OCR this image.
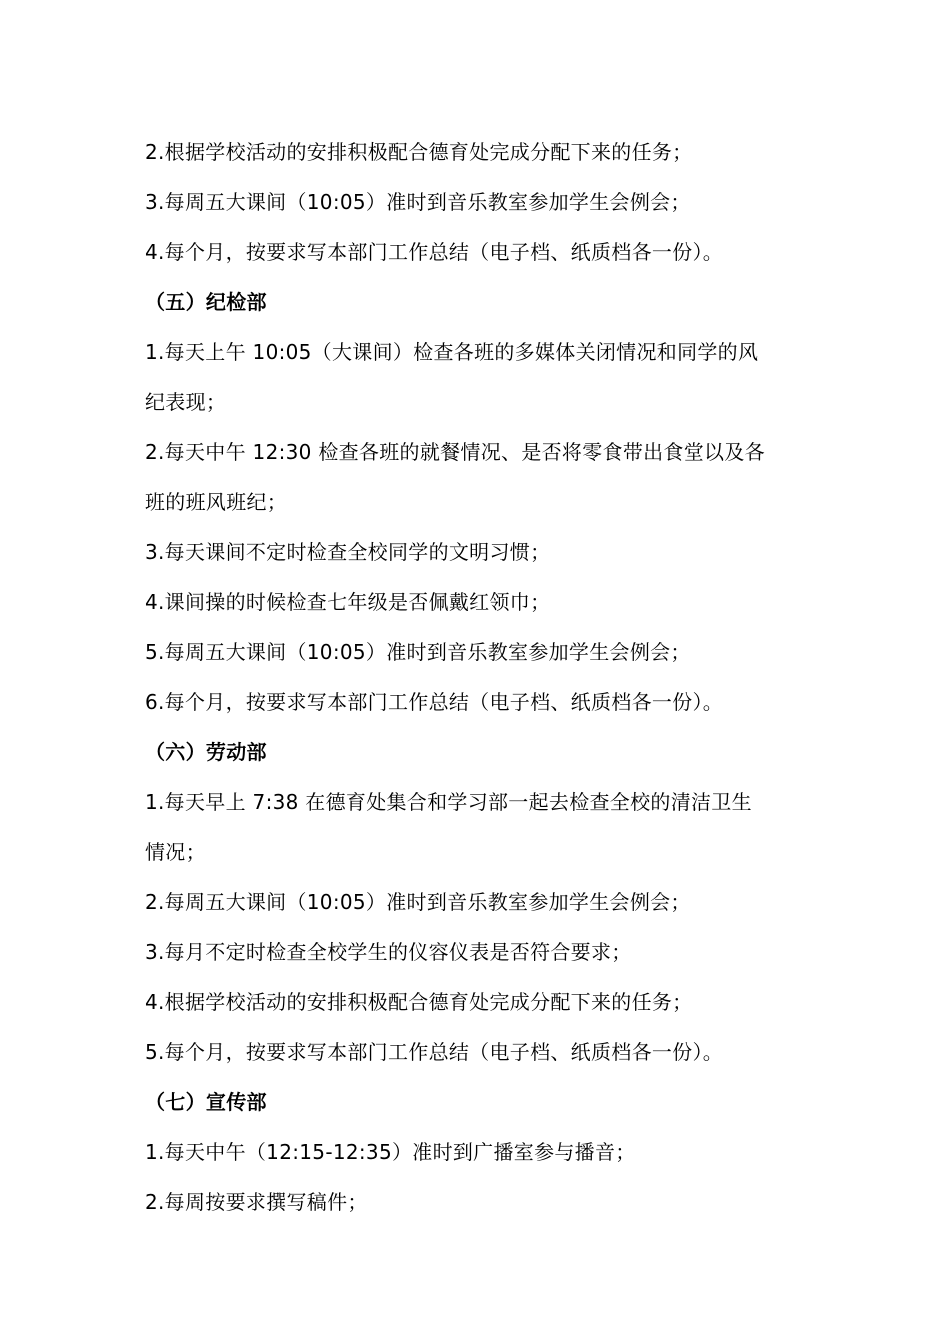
2.根据学校活动的安排积极配合德育处完成分配下来的任务；
3.每周五大课间（10:05）准时到音乐教室参加学生会例会；
4.每个月，按要求写本部门工作总结（电子档、纸质档各一份）。
（五）纪检部
1.每天上午 10:05（大课间）检查各班的多媒体关闭情况和同学的风
纪表现；
2.每天中午 12:30 检查各班的就餐情况、是否将零食带出食堂以及各
班的班风班纪；
3.每天课间不定时检查全校同学的文明习惯；
4.课间操的时候检查七年级是否佩戴红领巾；
5.每周五大课间（10:05）准时到音乐教室参加学生会例会；
6.每个月，按要求写本部门工作总结（电子档、纸质档各一份）。
（六）劳动部
1.每天早上 7:38 在德育处集合和学习部一起去检查全校的清洁卫生
情况；
2.每周五大课间（10:05）准时到音乐教室参加学生会例会；
3.每月不定时检查全校学生的仪容仪表是否符合要求；
4.根据学校活动的安排积极配合德育处完成分配下来的任务；
5.每个月，按要求写本部门工作总结（电子档、纸质档各一份）。
（七）宣传部
1.每天中午（12:15-12:35）准时到广播室参与播音；
2.每周按要求撰写稿件；
